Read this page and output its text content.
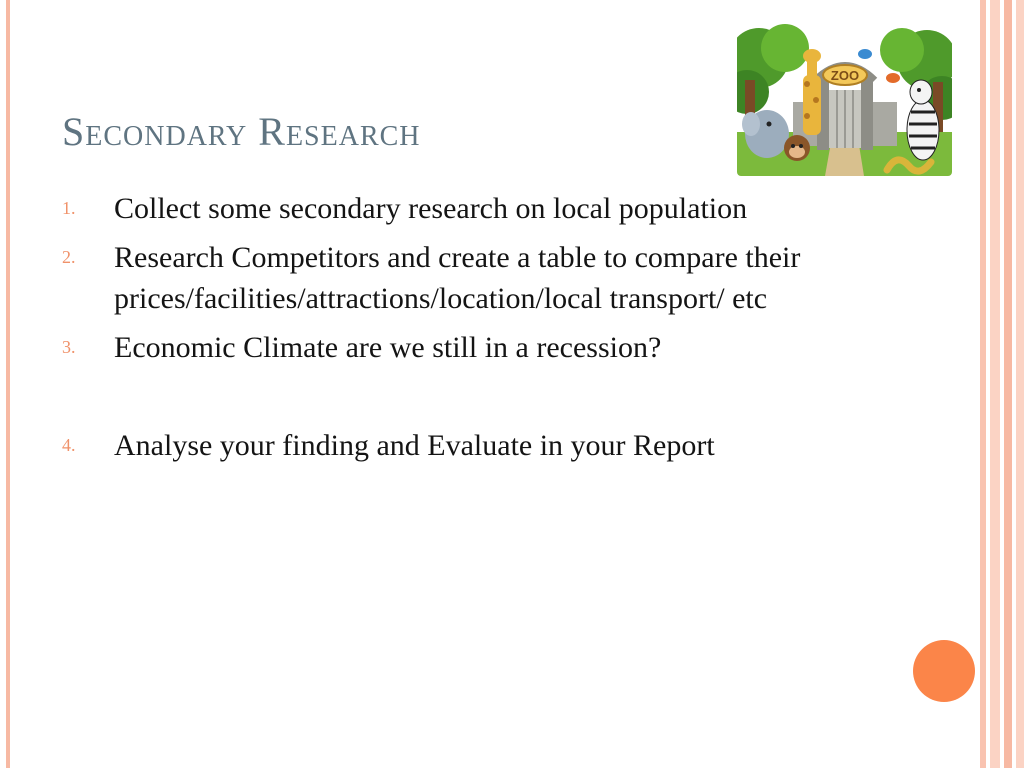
Secondary Research
1. Collect some secondary research on local population
2. Research Competitors and create a table to compare their prices/facilities/attractions/location/local transport/ etc
3. Economic Climate are we still in a recession?
4. Analyse your finding and Evaluate in your Report
ZOO
